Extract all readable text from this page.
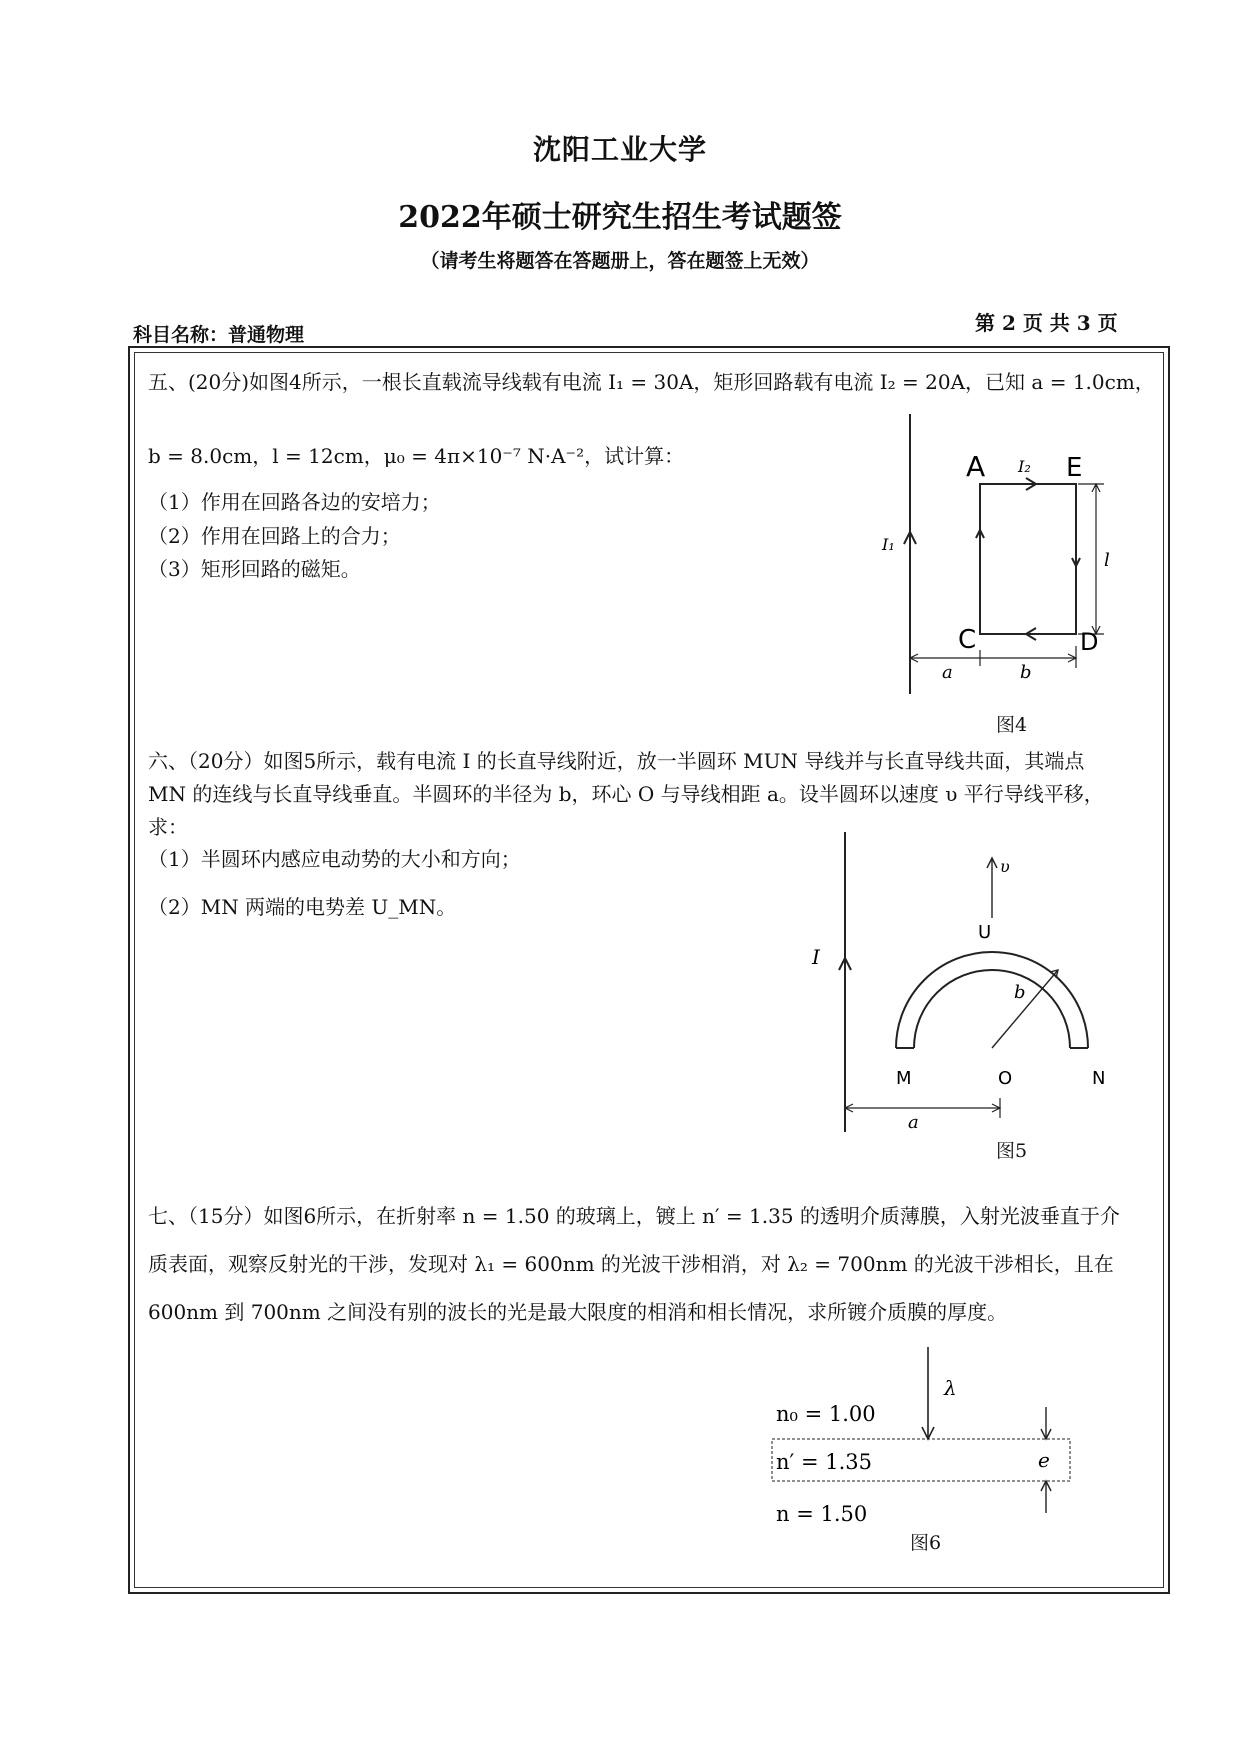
沈阳工业大学
2022年硕士研究生招生考试题签
（请考生将题答在答题册上，答在题签上无效）
科目名称：普通物理	第 2 页 共 3 页
五、(20分)如图4所示，一根长直载流导线载有电流 I₁ = 30A，矩形回路载有电流 I₂ = 20A，已知 a = 1.0cm，
b = 8.0cm，l = 12cm，μ₀ = 4π×10⁻⁷ N·A⁻²，试计算：
（1）作用在回路各边的安培力；
（2）作用在回路上的合力；
（3）矩形回路的磁矩。
A	E
C	D
I₁
I₂
l
a	b
图4
六、（20分）如图5所示，载有电流 I 的长直导线附近，放一半圆环 MUN 导线并与长直导线共面，其端点
MN 的连线与长直导线垂直。半圆环的半径为 b，环心 O 与导线相距 a。设半圆环以速度 υ 平行导线平移，
求：
（1）半圆环内感应电动势的大小和方向；
（2）MN 两端的电势差 U_MN。
I
υ
U
b
M	O	N
a
图5
七、（15分）如图6所示，在折射率 n = 1.50 的玻璃上，镀上 n′ = 1.35 的透明介质薄膜，入射光波垂直于介
质表面，观察反射光的干涉，发现对 λ₁ = 600nm 的光波干涉相消，对 λ₂ = 700nm 的光波干涉相长，且在
600nm 到 700nm 之间没有别的波长的光是最大限度的相消和相长情况，求所镀介质膜的厚度。
λ
e
n₀ = 1.00
n′ = 1.35
n = 1.50
图6
